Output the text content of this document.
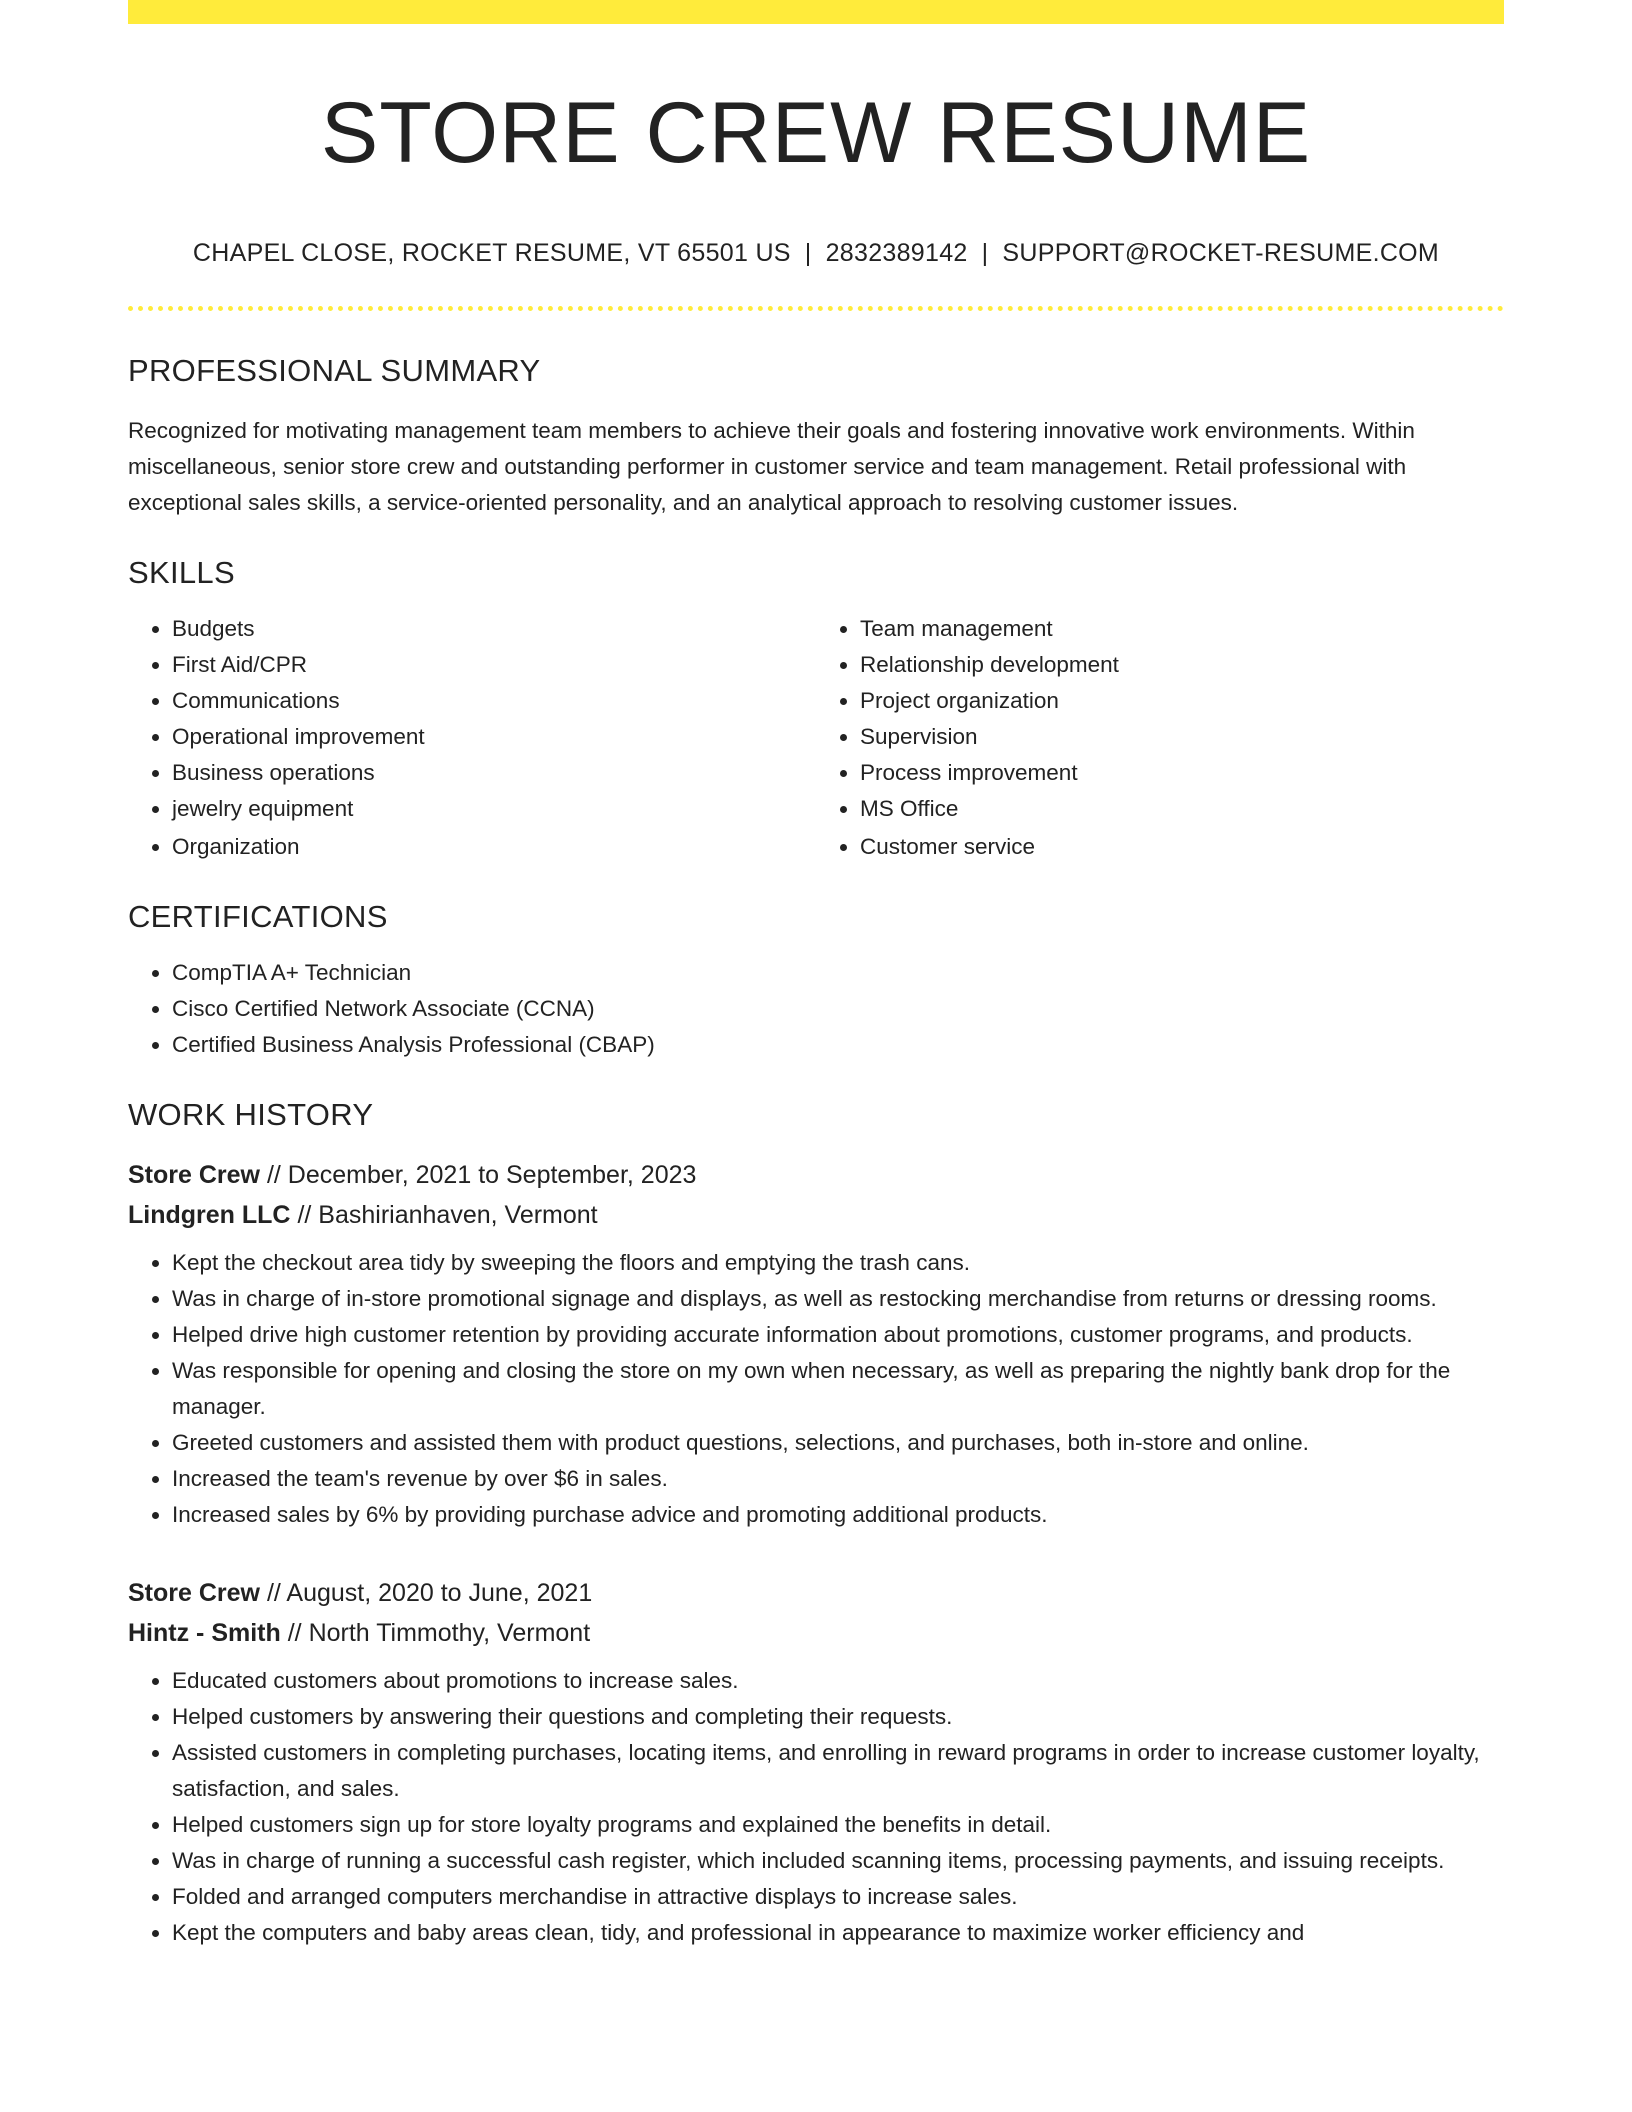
STORE CREW RESUME
CHAPEL CLOSE, ROCKET RESUME, VT 65501 US | 2832389142 | SUPPORT@ROCKET-RESUME.COM
PROFESSIONAL SUMMARY
Recognized for motivating management team members to achieve their goals and fostering innovative work environments. Within miscellaneous, senior store crew and outstanding performer in customer service and team management. Retail professional with exceptional sales skills, a service-oriented personality, and an analytical approach to resolving customer issues.
SKILLS
• Budgets
• First Aid/CPR
• Communications
• Operational improvement
• Business operations
• jewelry equipment
• Organization
• Team management
• Relationship development
• Project organization
• Supervision
• Process improvement
• MS Office
• Customer service
CERTIFICATIONS
• CompTIA A+ Technician
• Cisco Certified Network Associate (CCNA)
• Certified Business Analysis Professional (CBAP)
WORK HISTORY
Store Crew // December, 2021 to September, 2023
Lindgren LLC // Bashirianhaven, Vermont
• Kept the checkout area tidy by sweeping the floors and emptying the trash cans.
• Was in charge of in-store promotional signage and displays, as well as restocking merchandise from returns or dressing rooms.
• Helped drive high customer retention by providing accurate information about promotions, customer programs, and products.
• Was responsible for opening and closing the store on my own when necessary, as well as preparing the nightly bank drop for the manager.
• Greeted customers and assisted them with product questions, selections, and purchases, both in-store and online.
• Increased the team's revenue by over $6 in sales.
• Increased sales by 6% by providing purchase advice and promoting additional products.
Store Crew // August, 2020 to June, 2021
Hintz - Smith // North Timmothy, Vermont
• Educated customers about promotions to increase sales.
• Helped customers by answering their questions and completing their requests.
• Assisted customers in completing purchases, locating items, and enrolling in reward programs in order to increase customer loyalty, satisfaction, and sales.
• Helped customers sign up for store loyalty programs and explained the benefits in detail.
• Was in charge of running a successful cash register, which included scanning items, processing payments, and issuing receipts.
• Folded and arranged computers merchandise in attractive displays to increase sales.
• Kept the computers and baby areas clean, tidy, and professional in appearance to maximize worker efficiency and
